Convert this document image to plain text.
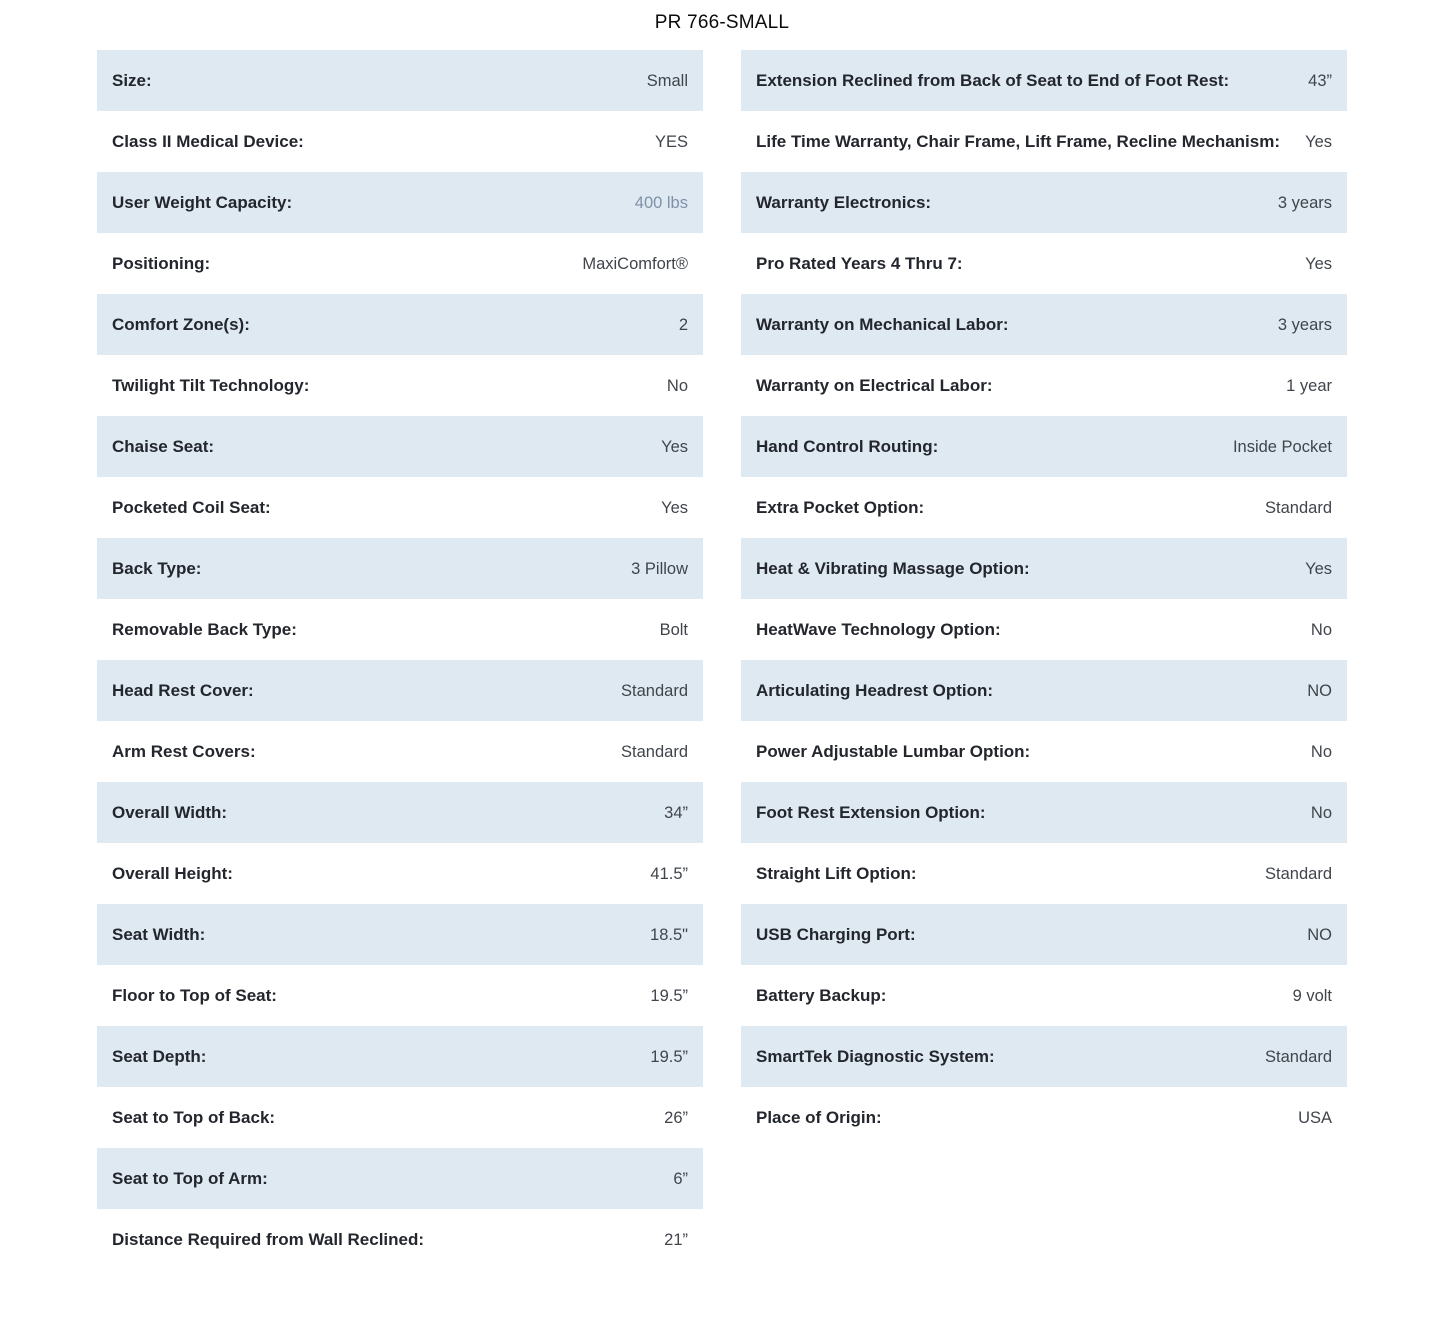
PR 766-SMALL
Size:	Small
Class II Medical Device:	YES
User Weight Capacity:	400 lbs
Positioning:	MaxiComfort®
Comfort Zone(s):	2
Twilight Tilt Technology:	No
Chaise Seat:	Yes
Pocketed Coil Seat:	Yes
Back Type:	3 Pillow
Removable Back Type:	Bolt
Head Rest Cover:	Standard
Arm Rest Covers:	Standard
Overall Width:	34”
Overall Height:	41.5”
Seat Width:	18.5"
Floor to Top of Seat:	19.5”
Seat Depth:	19.5”
Seat to Top of Back:	26”
Seat to Top of Arm:	6”
Distance Required from Wall Reclined:	21”
Extension Reclined from Back of Seat to End of Foot Rest:	43”
Life Time Warranty, Chair Frame, Lift Frame, Recline Mechanism: Yes
Warranty Electronics:	3 years
Pro Rated Years 4 Thru 7:	Yes
Warranty on Mechanical Labor:	3 years
Warranty on Electrical Labor:	1 year
Hand Control Routing:	Inside Pocket
Extra Pocket Option:	Standard
Heat & Vibrating Massage Option:	Yes
HeatWave Technology Option:	No
Articulating Headrest Option:	NO
Power Adjustable Lumbar Option:	No
Foot Rest Extension Option:	No
Straight Lift Option:	Standard
USB Charging Port:	NO
Battery Backup:	9 volt
SmartTek Diagnostic System:	Standard
Place of Origin:	USA
